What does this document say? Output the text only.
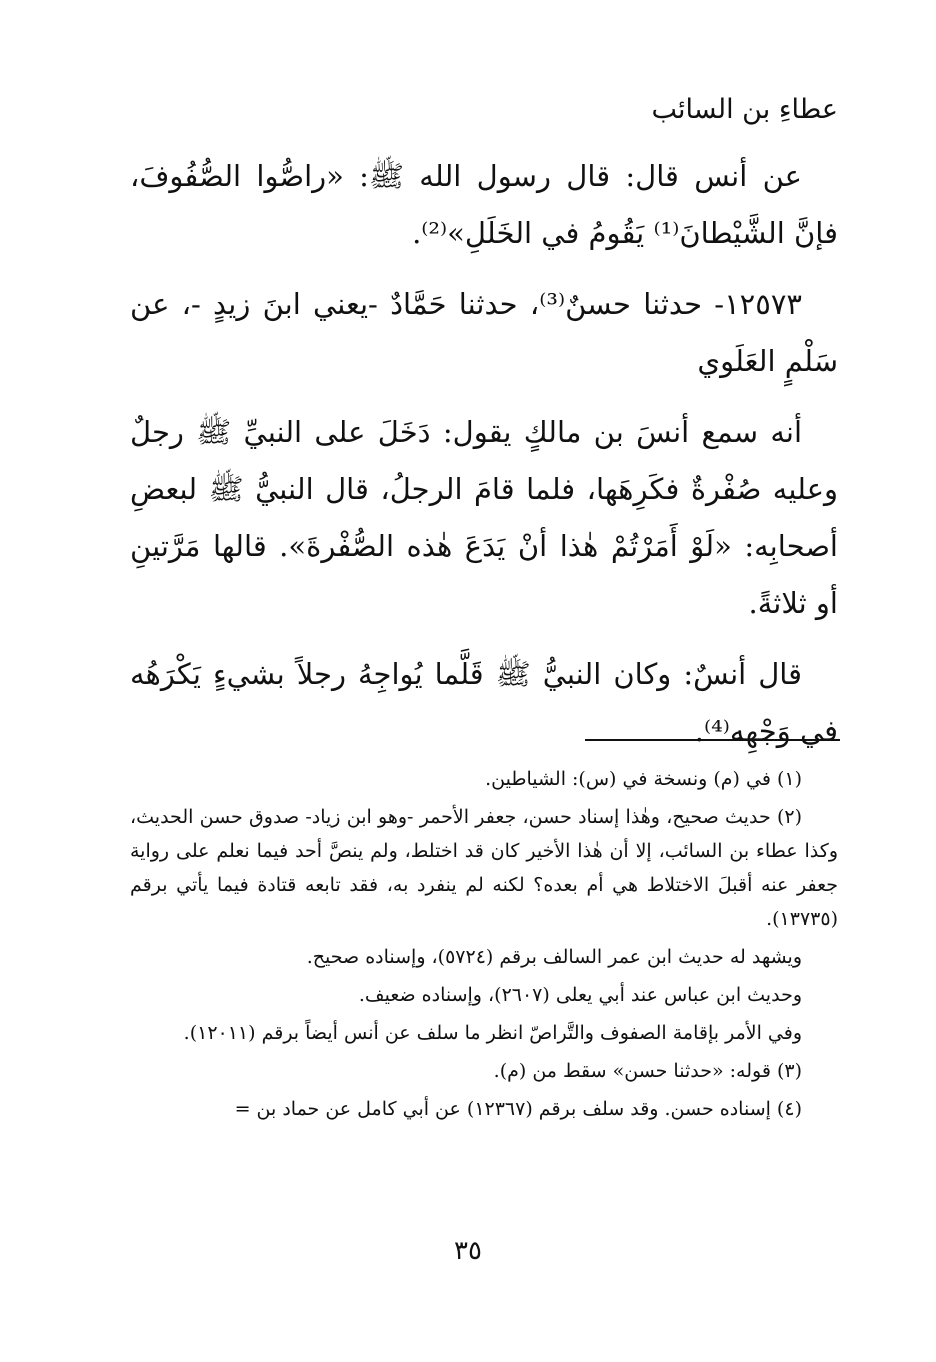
عطاءِ بن السائب

عن أنس قال: قال رسول الله ﷺ: «راصُّوا الصُّفُوفَ، فإنَّ الشَّيْطانَ⁽¹⁾ يَقُومُ في الخَلَلِ»⁽²⁾.

١٢٥٧٣- حدثنا حسنٌ⁽³⁾، حدثنا حَمَّادٌ -يعني ابنَ زيدٍ -، عن سَلْمٍ العَلَوي

أنه سمع أنسَ بن مالكٍ يقول: دَخَلَ على النبيِّ ﷺ رجلٌ وعليه صُفْرةٌ فكَرِهَها، فلما قامَ الرجلُ، قال النبيُّ ﷺ لبعضِ أصحابِه: «لَوْ أَمَرْتُمْ هٰذا أنْ يَدَعَ هٰذه الصُّفْرةَ». قالها مَرَّتينِ أو ثلاثةً.

قال أنسٌ: وكان النبيُّ ﷺ قَلَّما يُواجِهُ رجلاً بشيءٍ يَكْرَهُه في وَجْهِه⁽⁴⁾.

(١) في (م) ونسخة في (س): الشياطين.

(٢) حديث صحيح، وهٰذا إسناد حسن، جعفر الأحمر -وهو ابن زياد- صدوق حسن الحديث، وكذا عطاء بن السائب، إلا أن هٰذا الأخير كان قد اختلط، ولم ينصَّ أحد فيما نعلم على رواية جعفر عنه أقبلَ الاختلاط هي أم بعده؟ لكنه لم ينفرد به، فقد تابعه قتادة فيما يأتي برقم (١٣٧٣٥).

ويشهد له حديث ابن عمر السالف برقم (٥٧٢٤)، وإسناده صحيح.

وحديث ابن عباس عند أبي يعلى (٢٦٠٧)، وإسناده ضعيف.

وفي الأمر بإقامة الصفوف والتَّراصّ انظر ما سلف عن أنس أيضاً برقم (١٢٠١١).

(٣) قوله: «حدثنا حسن» سقط من (م).

(٤) إسناده حسن. وقد سلف برقم (١٢٣٦٧) عن أبي كامل عن حماد بن =

٣٥
